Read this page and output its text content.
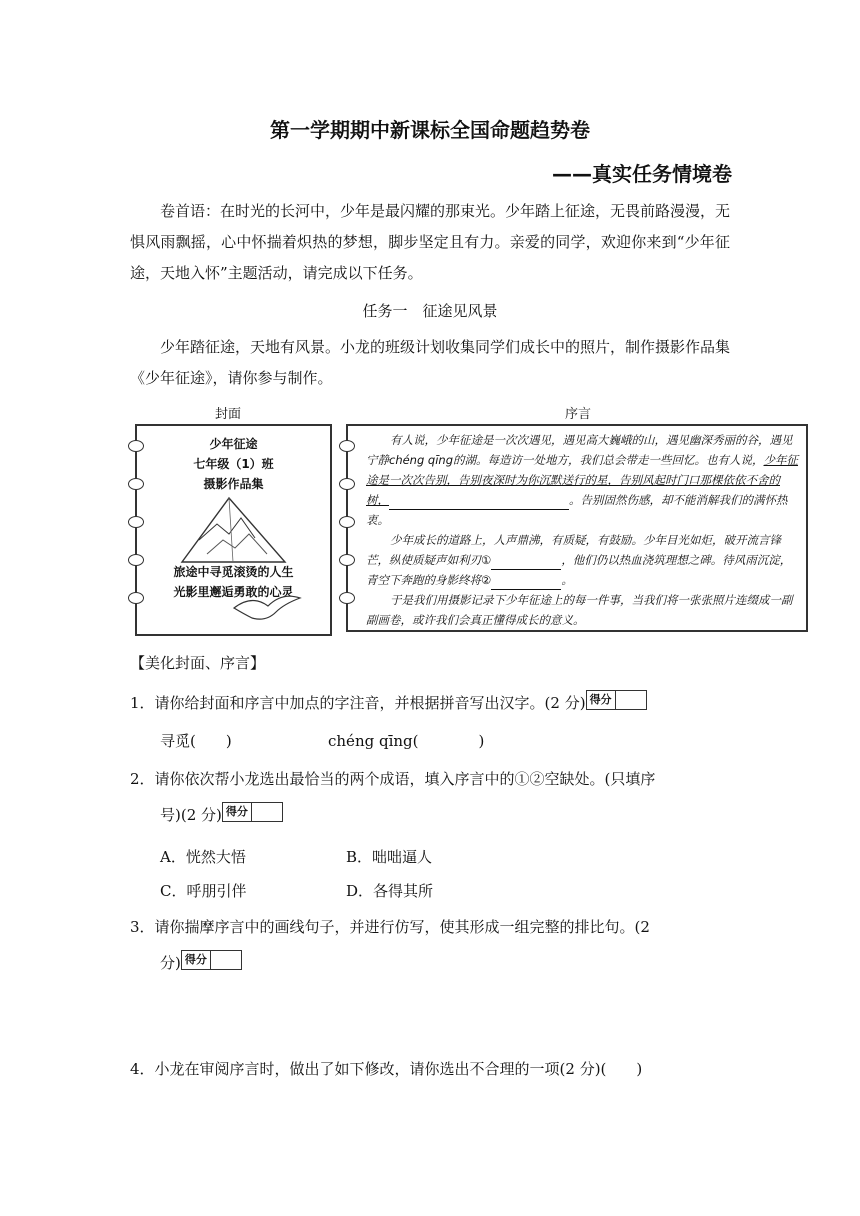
第一学期期中新课标全国命题趋势卷
——真实任务情境卷
卷首语：在时光的长河中，少年是最闪耀的那束光。少年踏上征途，无畏前路漫漫，无惧风雨飘摇，心中怀揣着炽热的梦想，脚步坚定且有力。亲爱的同学，欢迎你来到“少年征途，天地入怀”主题活动，请完成以下任务。
任务一　征途见风景
少年踏征途，天地有风景。小龙的班级计划收集同学们成长中的照片，制作摄影作品集《少年征途》，请你参与制作。
封面	序言
少年征途
七年级（1）班
摄影作品集
旅途中寻觅滚烫的人生
光影里邂逅勇敢的心灵
有人说，少年征途是一次次遇见，遇见高大巍峨的山，遇见幽深秀丽的谷，遇见宁静chéng qīng的湖。每造访一处地方，我们总会带走一些回忆。也有人说，少年征途是一次次告别，告别夜深时为你沉默送行的星，告别风起时门口那棵依依不舍的树，	。告别固然伤感，却不能消解我们的满怀热衷。
少年成长的道路上，人声鼎沸，有质疑，有鼓励。少年目光如炬，破开流言锋芒，纵使质疑声如利刃①	，他们仍以热血浇筑理想之碑。待风雨沉淀，青空下奔跑的身影终将②	。
于是我们用摄影记录下少年征途上的每一件事，当我们将一张张照片连缀成一副副画卷，或许我们会真正懂得成长的意义。
【美化封面、序言】
1．请你给封面和序言中加点的字注音，并根据拼音写出汉字。(2 分) 得分
寻觅(　　)	chéng qīng(　　　　)
2．请你依次帮小龙选出最恰当的两个成语，填入序言中的①②空缺处。(只填序
号)(2 分) 得分
A．恍然大悟	B．咄咄逼人
C．呼朋引伴	D．各得其所
3．请你揣摩序言中的画线句子，并进行仿写，使其形成一组完整的排比句。(2
分) 得分
4．小龙在审阅序言时，做出了如下修改，请你选出不合理的一项(2 分)(　　)
